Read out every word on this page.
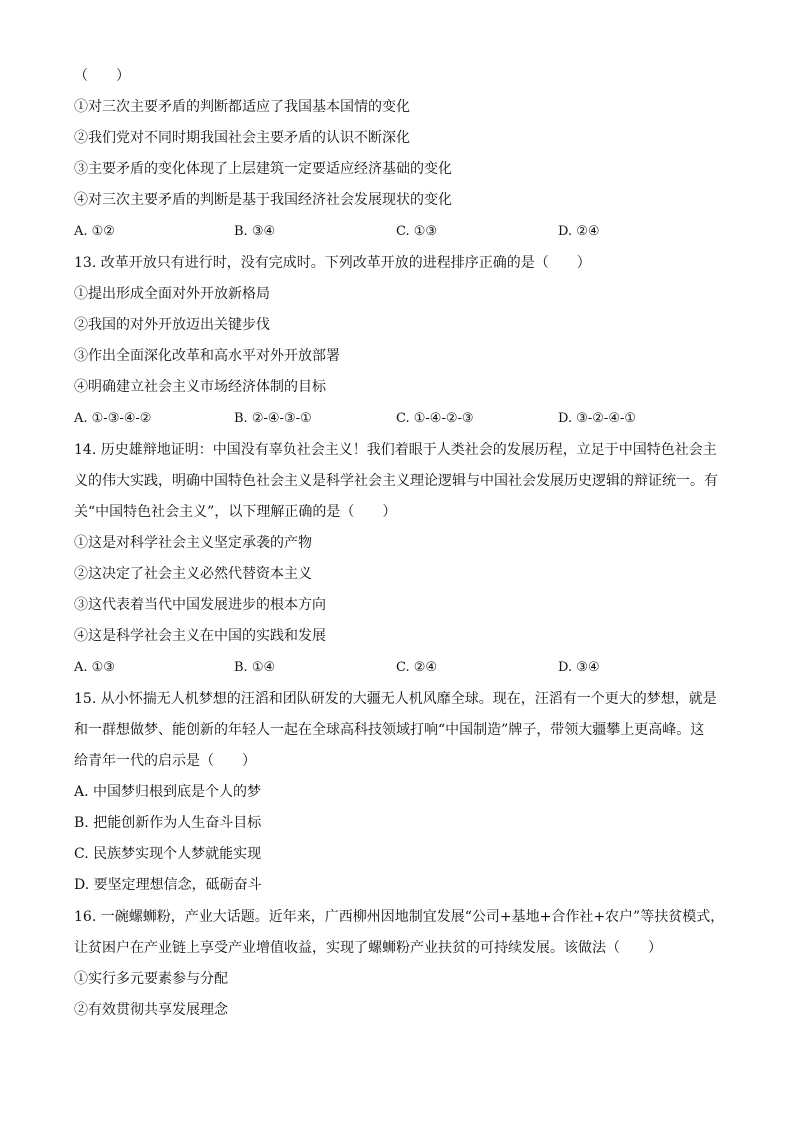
（　　）
①对三次主要矛盾的判断都适应了我国基本国情的变化
②我们党对不同时期我国社会主要矛盾的认识不断深化
③主要矛盾的变化体现了上层建筑一定要适应经济基础的变化
④对三次主要矛盾的判断是基于我国经济社会发展现状的变化
A. ①②	B. ③④	C. ①③	D. ②④
13. 改革开放只有进行时，没有完成时。下列改革开放的进程排序正确的是（　　）
①提出形成全面对外开放新格局
②我国的对外开放迈出关键步伐
③作出全面深化改革和高水平对外开放部署
④明确建立社会主义市场经济体制的目标
A. ①-③-④-②	B. ②-④-③-①	C. ①-④-②-③	D. ③-②-④-①
14. 历史雄辩地证明：中国没有辜负社会主义！我们着眼于人类社会的发展历程，立足于中国特色社会主
义的伟大实践，明确中国特色社会主义是科学社会主义理论逻辑与中国社会发展历史逻辑的辩证统一。有
关“中国特色社会主义”，以下理解正确的是（　　）
①这是对科学社会主义坚定承袭的产物
②这决定了社会主义必然代替资本主义
③这代表着当代中国发展进步的根本方向
④这是科学社会主义在中国的实践和发展
A. ①③	B. ①④	C. ②④	D. ③④
15. 从小怀揣无人机梦想的汪滔和团队研发的大疆无人机风靡全球。现在，汪滔有一个更大的梦想，就是
和一群想做梦、能创新的年轻人一起在全球高科技领域打响“中国制造”牌子，带领大疆攀上更高峰。这
给青年一代的启示是（　　）
A. 中国梦归根到底是个人的梦
B. 把能创新作为人生奋斗目标
C. 民族梦实现个人梦就能实现
D. 要坚定理想信念，砥砺奋斗
16. 一碗螺蛳粉，产业大话题。近年来，广西柳州因地制宜发展“公司+基地+合作社+农户”等扶贫模式，
让贫困户在产业链上享受产业增值收益，实现了螺蛳粉产业扶贫的可持续发展。该做法（　　）
①实行多元要素参与分配
②有效贯彻共享发展理念
